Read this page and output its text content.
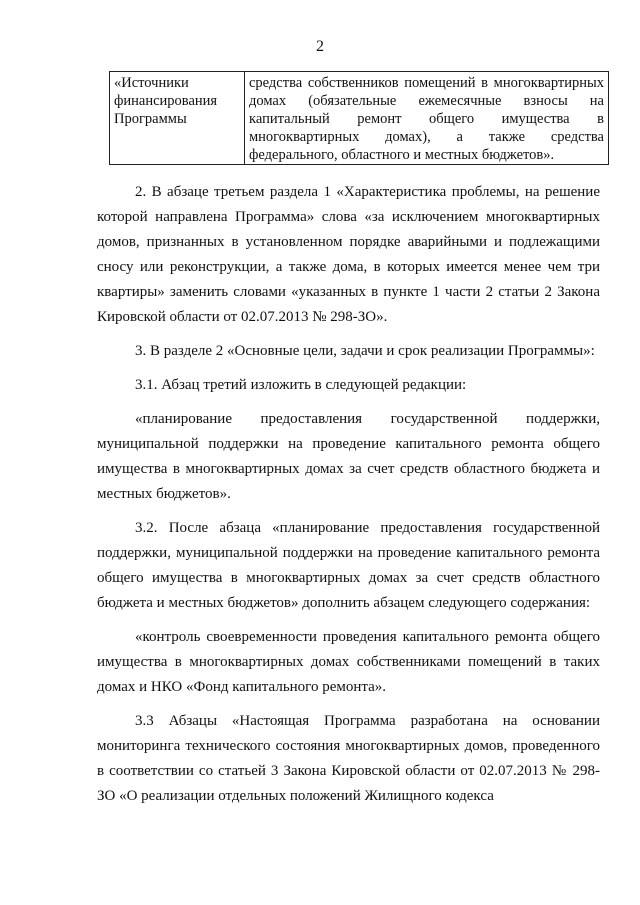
2
«Источники финансирования Программы	средства собственников помещений в многоквартирных домах (обязательные ежемесячные взносы на капитальный ремонт общего имущества в многоквартирных домах), а также средства федерального, областного и местных бюджетов».

2. В абзаце третьем раздела 1 «Характеристика проблемы, на решение которой направлена Программа» слова «за исключением многоквартирных домов, признанных в установленном порядке аварийными и подлежащими сносу или реконструкции, а также дома, в которых имеется менее чем три квартиры» заменить словами «указанных в пункте 1 части 2 статьи 2 Закона Кировской области от 02.07.2013 № 298-ЗО».

3. В разделе 2 «Основные цели, задачи и срок реализации Программы»:

3.1. Абзац третий изложить в следующей редакции:

«планирование предоставления государственной поддержки, муниципальной поддержки на проведение капитального ремонта общего имущества в многоквартирных домах за счет средств областного бюджета и местных бюджетов».

3.2. После абзаца «планирование предоставления государственной поддержки, муниципальной поддержки на проведение капитального ремонта общего имущества в многоквартирных домах за счет средств областного бюджета и местных бюджетов» дополнить абзацем следующего содержания:

«контроль своевременности проведения капитального ремонта общего имущества в многоквартирных домах собственниками помещений в таких домах и НКО «Фонд капитального ремонта».

3.3 Абзацы «Настоящая Программа разработана на основании мониторинга технического состояния многоквартирных домов, проведенного в соответствии со статьей 3 Закона Кировской области от 02.07.2013 № 298-ЗО «О реализации отдельных положений Жилищного кодекса
